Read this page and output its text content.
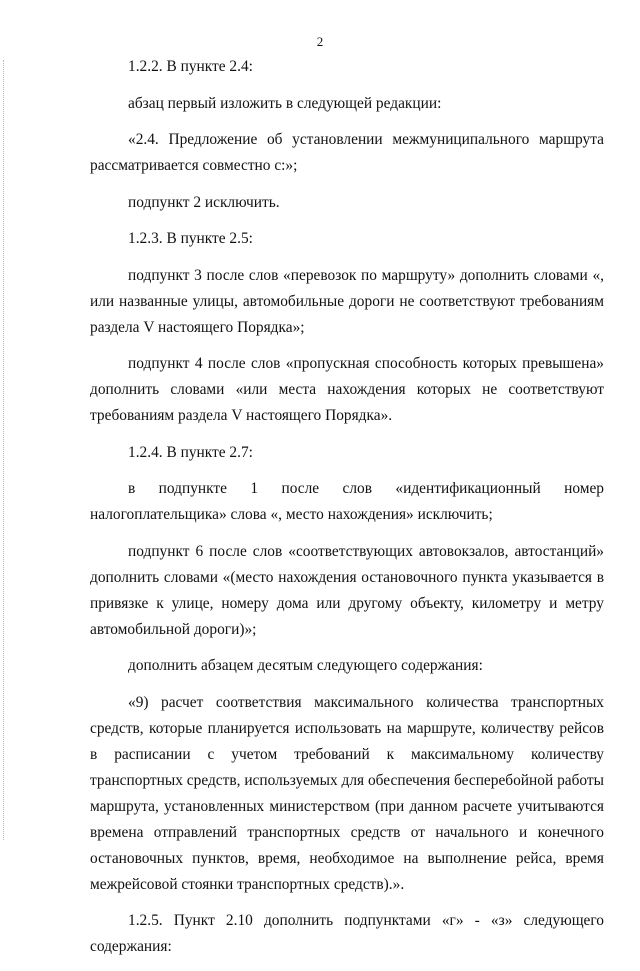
2

1.2.2. В пункте 2.4:

абзац первый изложить в следующей редакции:

«2.4. Предложение об установлении межмуниципального маршрута рассматривается совместно с:»;

подпункт 2 исключить.

1.2.3. В пункте 2.5:

подпункт 3 после слов «перевозок по маршруту» дополнить словами «, или названные улицы, автомобильные дороги не соответствуют требованиям раздела V настоящего Порядка»;

подпункт 4 после слов «пропускная способность которых превышена» дополнить словами «или места нахождения которых не соответствуют требованиям раздела V настоящего Порядка».

1.2.4. В пункте 2.7:

в подпункте 1 после слов «идентификационный номер налогоплательщика» слова «, место нахождения» исключить;

подпункт 6 после слов «соответствующих автовокзалов, автостанций» дополнить словами «(место нахождения остановочного пункта указывается в привязке к улице, номеру дома или другому объекту, километру и метру автомобильной дороги)»;

дополнить абзацем десятым следующего содержания:

«9) расчет соответствия максимального количества транспортных средств, которые планируется использовать на маршруте, количеству рейсов в расписании с учетом требований к максимальному количеству транспортных средств, используемых для обеспечения бесперебойной работы маршрута, установленных министерством (при данном расчете учитываются времена отправлений транспортных средств от начального и конечного остановочных пунктов, время, необходимое на выполнение рейса, время межрейсовой стоянки транспортных средств).».

1.2.5. Пункт 2.10 дополнить подпунктами «г» - «з» следующего содержания:
